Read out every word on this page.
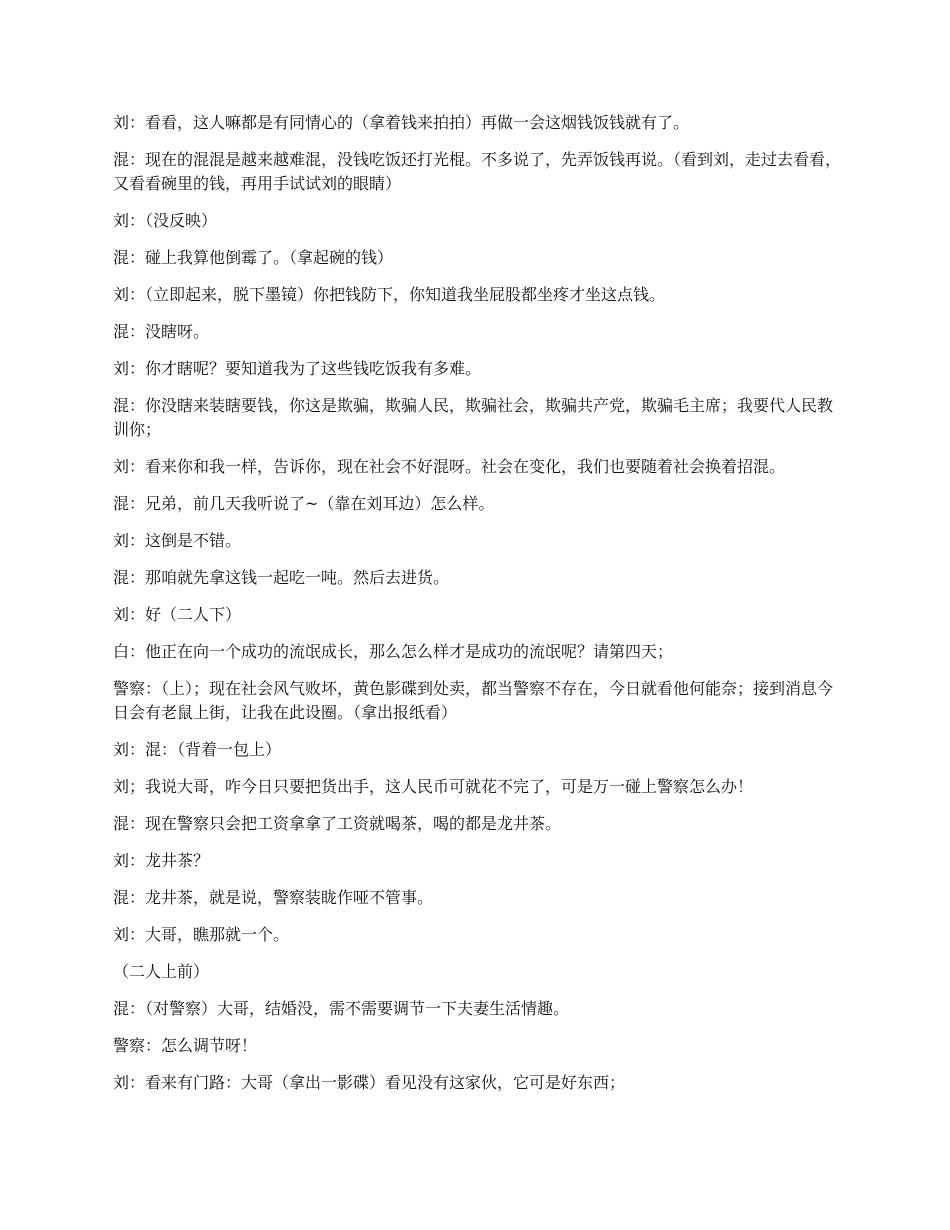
刘：看看，这人嘛都是有同情心的（拿着钱来拍拍）再做一会这烟钱饭钱就有了。

混：现在的混混是越来越难混，没钱吃饭还打光棍。不多说了，先弄饭钱再说。（看到刘，走过去看看，又看看碗里的钱，再用手试试刘的眼睛）

刘：（没反映）

混：碰上我算他倒霉了。（拿起碗的钱）

刘：（立即起来，脱下墨镜）你把钱防下，你知道我坐屁股都坐疼才坐这点钱。

混：没瞎呀。

刘：你才瞎呢？要知道我为了这些钱吃饭我有多难。

混：你没瞎来装瞎要钱，你这是欺骗，欺骗人民，欺骗社会，欺骗共产党，欺骗毛主席；我要代人民教训你；

刘：看来你和我一样，告诉你，现在社会不好混呀。社会在变化，我们也要随着社会换着招混。

混：兄弟，前几天我听说了~（靠在刘耳边）怎么样。

刘：这倒是不错。

混：那咱就先拿这钱一起吃一吨。然后去进货。

刘：好（二人下）

白：他正在向一个成功的流氓成长，那么怎么样才是成功的流氓呢？请第四天；

警察：（上）；现在社会风气败坏，黄色影碟到处卖，都当警察不存在，今日就看他何能奈；接到消息今日会有老鼠上街，让我在此设圈。（拿出报纸看）

刘：混：（背着一包上）

刘；我说大哥，咋今日只要把货出手，这人民币可就花不完了，可是万一碰上警察怎么办！

混：现在警察只会把工资拿拿了工资就喝茶，喝的都是龙井茶。

刘：龙井茶？

混：龙井茶，就是说，警察装眬作哑不管事。

刘：大哥，瞧那就一个。

（二人上前）

混：（对警察）大哥，结婚没，需不需要调节一下夫妻生活情趣。

警察：怎么调节呀！

刘：看来有门路：大哥（拿出一影碟）看见没有这家伙，它可是好东西；
